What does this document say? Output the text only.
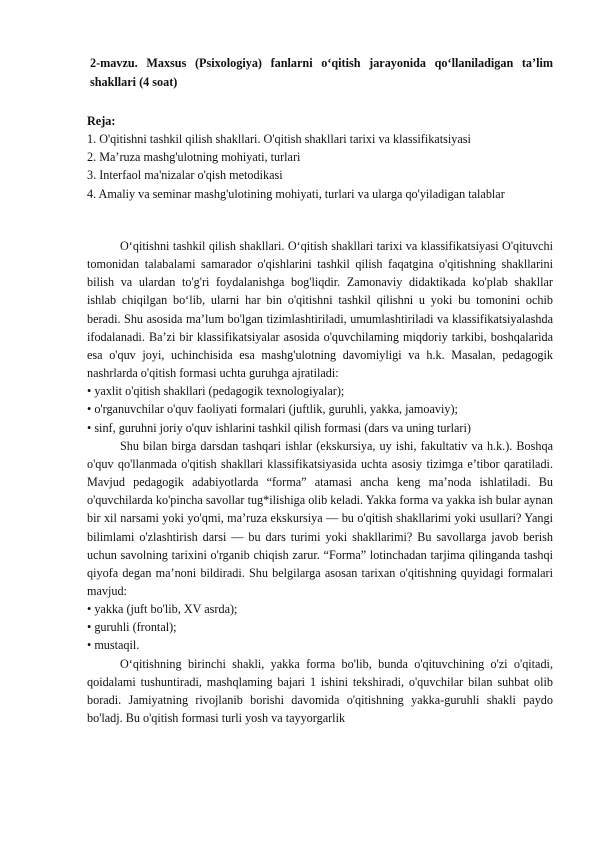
2-mavzu. Maxsus (Psixologiya) fanlarni o‘qitish jarayonida qo‘llaniladigan ta’lim shakllari (4 soat)
Reja:
1. O'qitishni tashkil qilish shakllari. O'qitish shakllari tarixi va klassifikatsiyasi
2. Ma’ruza mashg'ulotning mohiyati, turlari
3. Interfaol ma'nizalar o'qish metodikasi
4. Amaliy va seminar mashg'ulotining mohiyati, turlari va ularga qo'yiladigan talablar

O‘qitishni tashkil qilish shakllari. O‘qitish shakllari tarixi va klassifikatsiyasi O'qituvchi tomonidan talabalami samarador o'qishlarini tashkil qilish faqatgina o'qitishning shakllarini bilish va ulardan to'g'ri foydalanishga bog'liqdir. Zamonaviy didaktikada ko'plab shakllar ishlab chiqilgan bo‘lib, ularni har bin o'qitishni tashkil qilishni u yoki bu tomonini ochib beradi. Shu asosida ma’lum bo'lgan tizimlashtiriladi, umumlashtiriladi va klassifikatsiyalashda ifodalanadi. Ba’zi bir klassifikatsiyalar asosida o'quvchilaming miqdoriy tarkibi, boshqalarida esa o'quv joyi, uchinchisida esa mashg'ulotning davomiyligi va h.k. Masalan, pedagogik nashrlarda o'qitish formasi uchta guruhga ajratiladi:

• yaxlit o'qitish shakllari (pedagogik texnologiyalar);

• o'rganuvchilar o'quv faoliyati formalari (juftlik, guruhli, yakka, jamoaviy);

• sinf, guruhni joriy o'quv ishlarini tashkil qilish formasi (dars va uning turlari)

Shu bilan birga darsdan tashqari ishlar (ekskursiya, uy ishi, fakultativ va h.k.). Boshqa o'quv qo'llanmada o'qitish shakllari klassifikatsiyasida uchta asosiy tizimga e’tibor qaratiladi. Mavjud pedagogik adabiyotlarda “forma” atamasi ancha keng ma’noda ishlatiladi. Bu o'quvchilarda ko'pincha savollar tug*ilishiga olib keladi. Yakka forma va yakka ish bular aynan bir xil narsami yoki yo'qmi, ma’ruza ekskursiya — bu o'qitish shakllarimi yoki usullari? Yangi bilimlami o'zlashtirish darsi — bu dars turimi yoki shakllarimi? Bu savollarga javob berish uchun savolning tarixini o'rganib chiqish zarur. “Forma” lotinchadan tarjima qilinganda tashqi qiyofa degan ma’noni bildiradi. Shu belgilarga asosan tarixan o'qitishning quyidagi formalari mavjud:

• yakka (juft bo'lib, XV asrda);

• guruhli (frontal);

• mustaqil.

O‘qitishning birinchi shakli, yakka forma bo'lib, bunda o'qituvchining o'zi o'qitadi, qoidalami tushuntiradi, mashqlaming bajari 1 ishini tekshiradi, o'quvchilar bilan suhbat olib boradi. Jamiyatning rivojlanib borishi davomida o'qitishning yakka-guruhli shakli paydo bo'ladj. Bu o'qitish formasi turli yosh va tayyorgarlik
